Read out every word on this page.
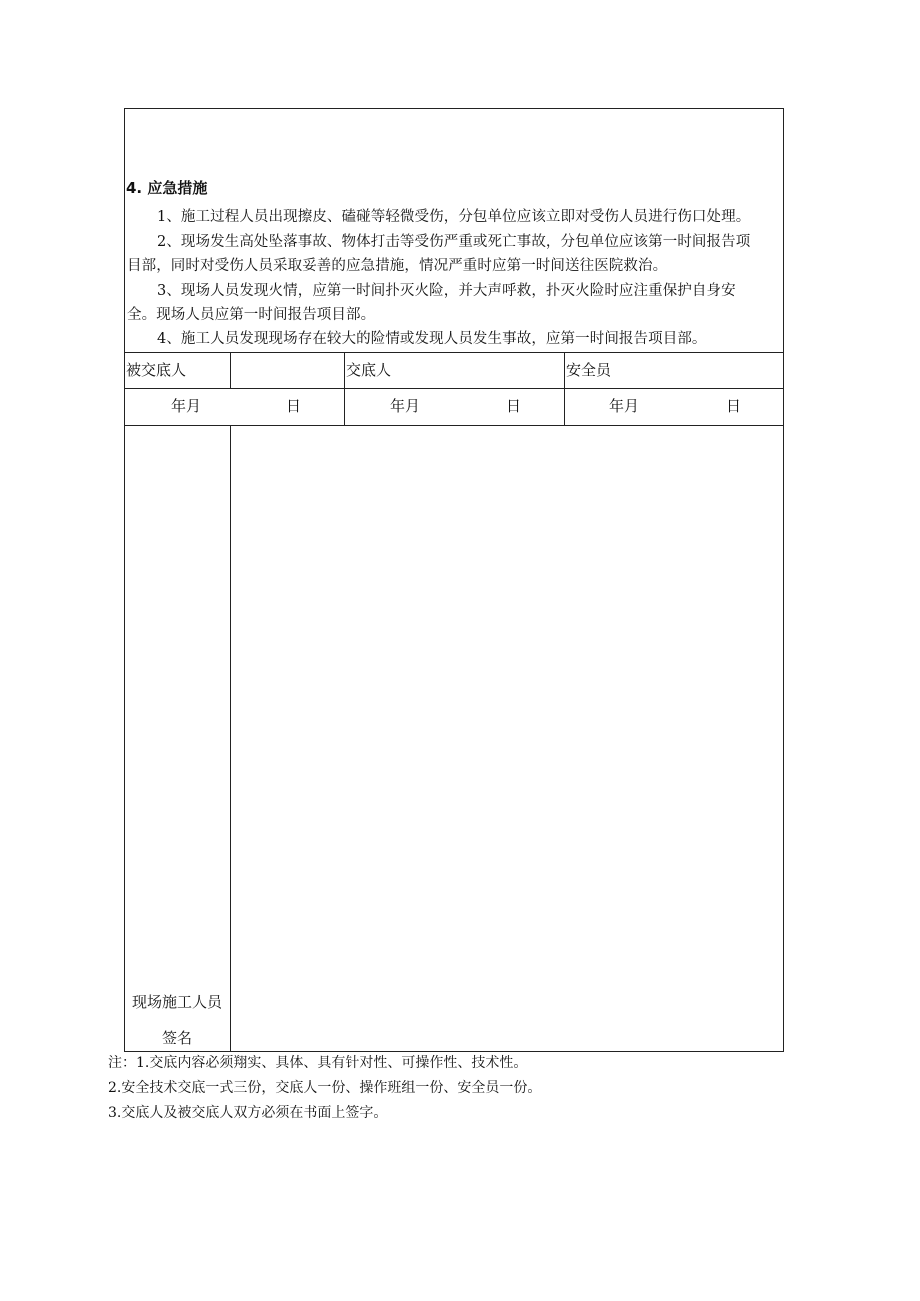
4. 应急措施
1、施工过程人员出现擦皮、磕碰等轻微受伤，分包单位应该立即对受伤人员进行伤口处理。
2、现场发生高处坠落事故、物体打击等受伤严重或死亡事故，分包单位应该第一时间报告项
目部，同时对受伤人员采取妥善的应急措施，情况严重时应第一时间送往医院救治。
3、现场人员发现火情，应第一时间扑灭火险，并大声呼救，扑灭火险时应注重保护自身安
全。现场人员应第一时间报告项目部。
4、施工人员发现现场存在较大的险情或发现人员发生事故，应第一时间报告项目部。
被交底人	交底人	安全员
年月	日	年月	日	年月	日
现场施工人员
签名
注：1.交底内容必须翔实、具体、具有针对性、可操作性、技术性。
2.安全技术交底一式三份，交底人一份、操作班组一份、安全员一份。
3.交底人及被交底人双方必须在书面上签字。
